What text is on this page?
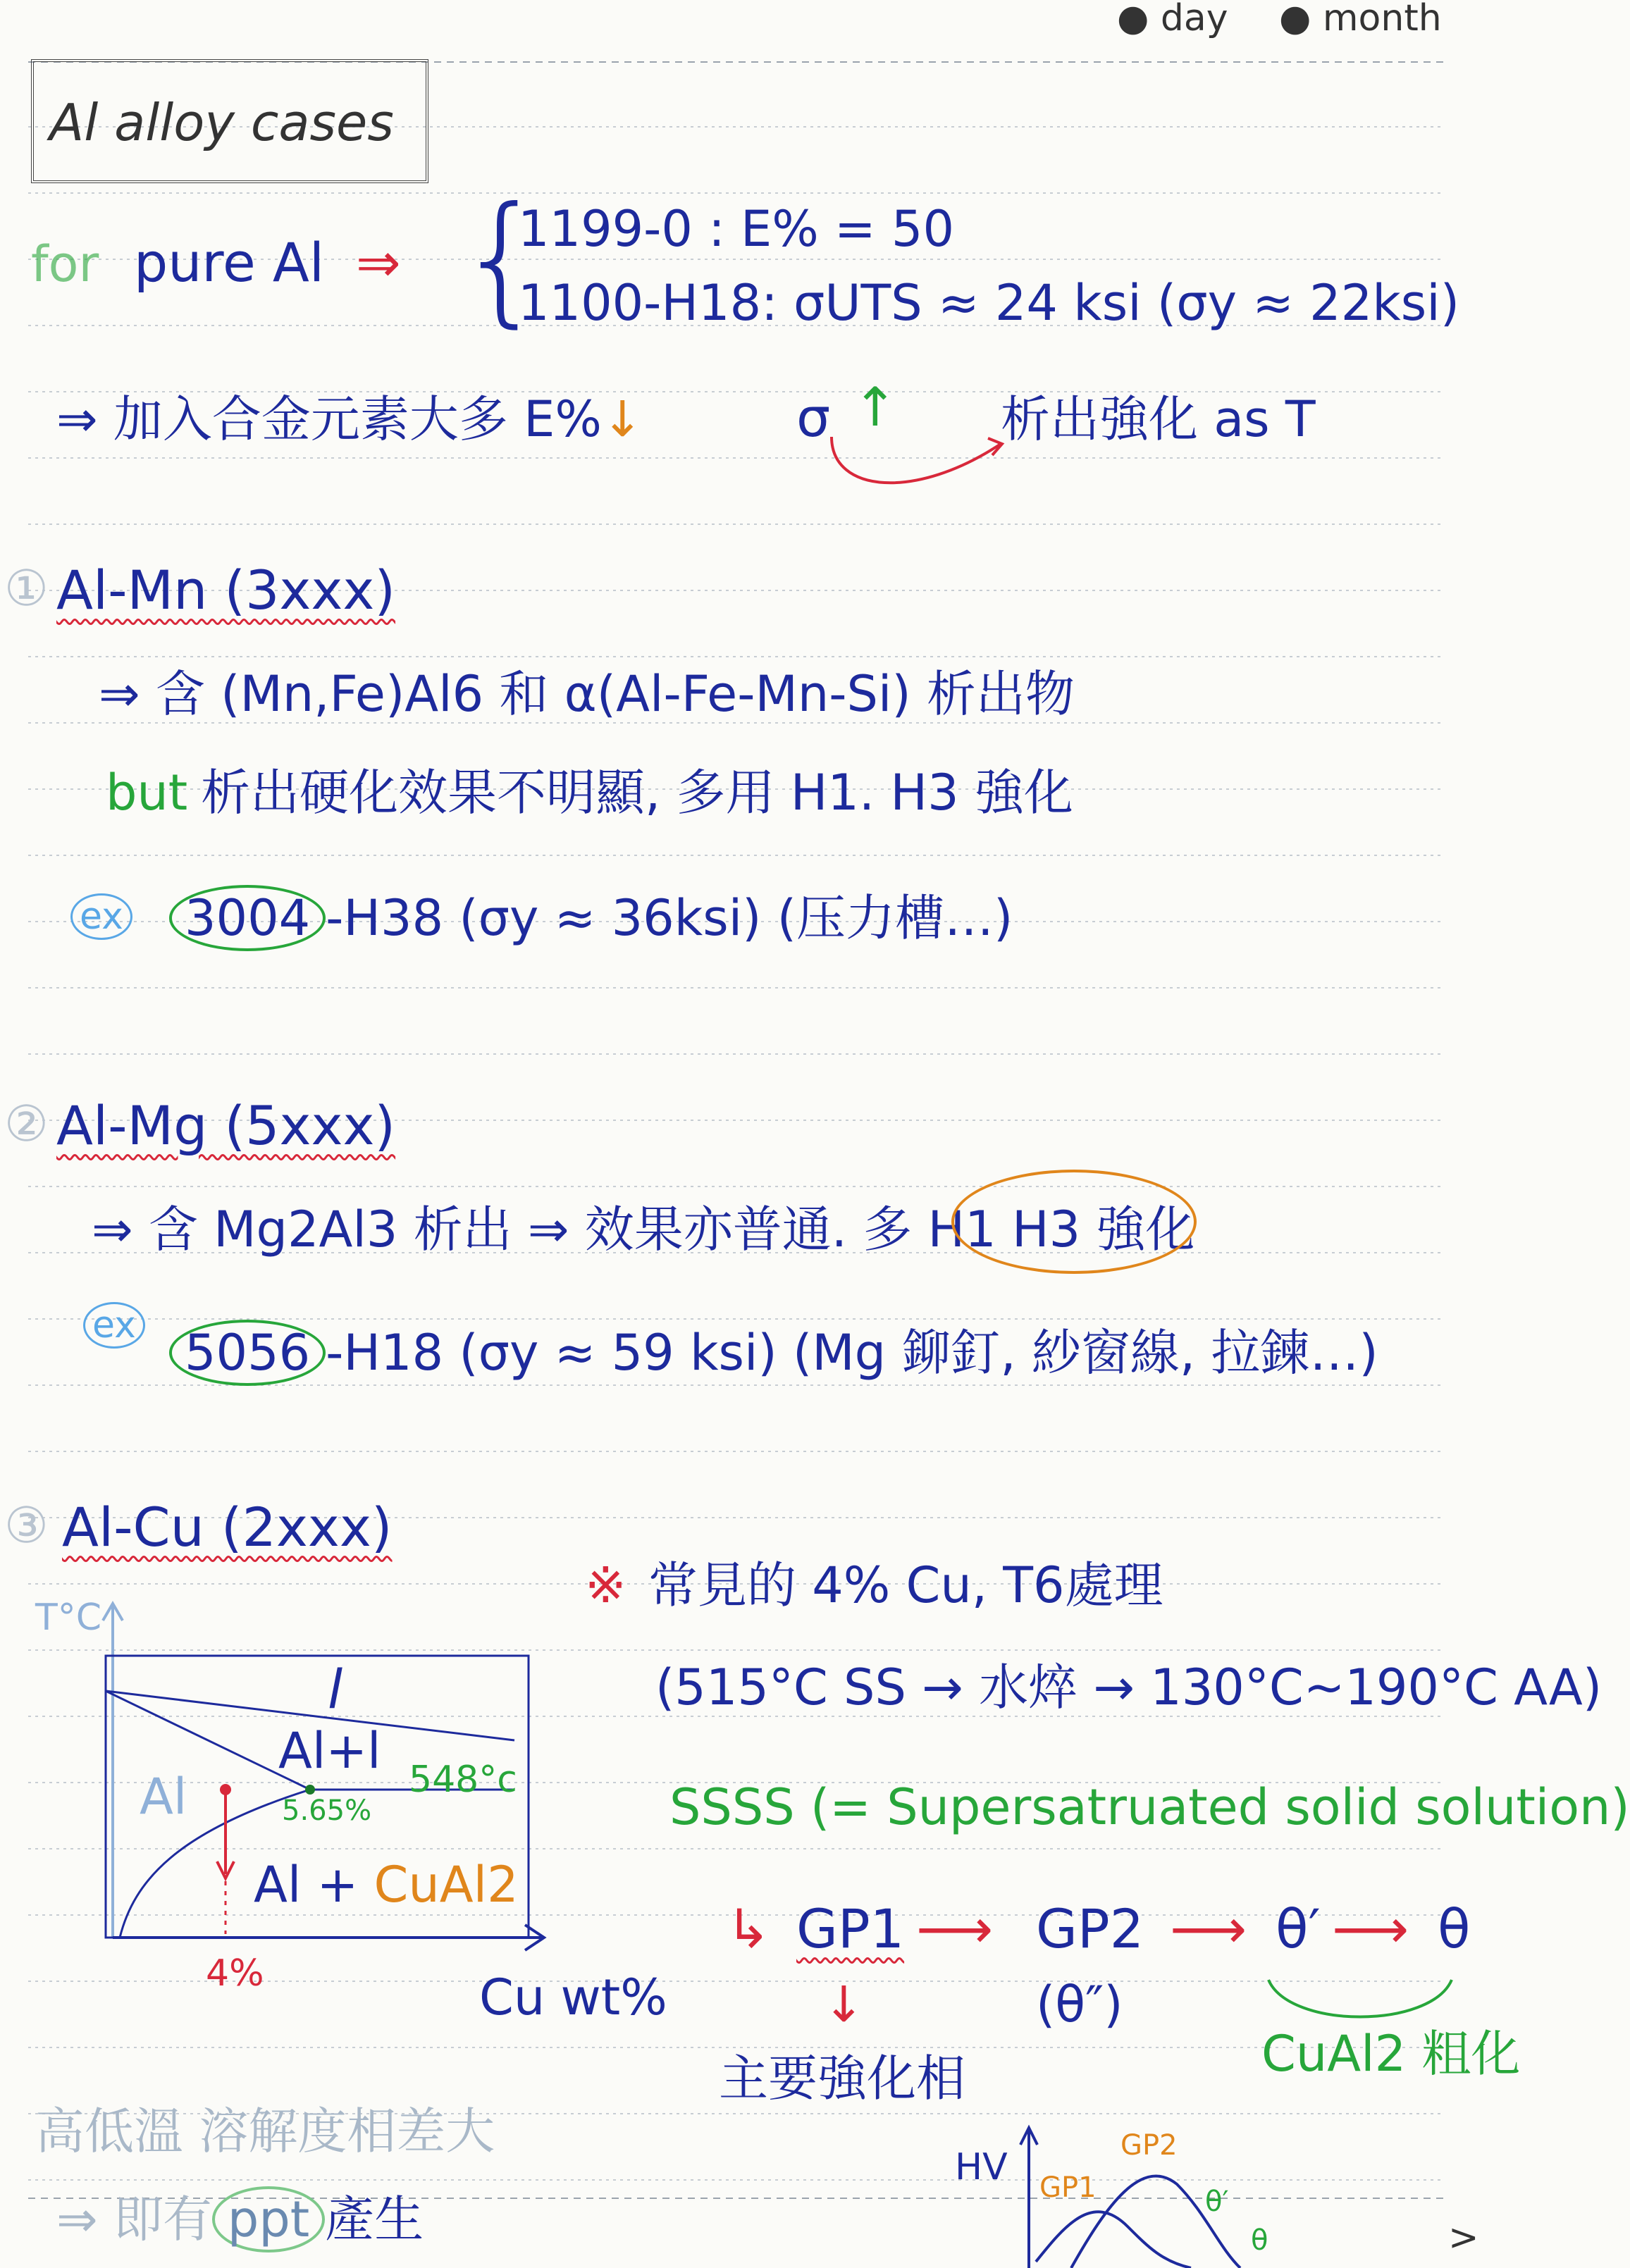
● day ● month
>
Al alloy cases
for pure Al ⇒ {
1199-0 : E% = 50
1100-H18: σUTS ≈ 24 ksi (σy ≈ 22ksi)
⇒ 加入合金元素大多 E%↓	σ ↑ 析出強化 as T
① Al-Mn (3xxx)
⇒ 含 (Mn,Fe)Al6 和 α(Al-Fe-Mn-Si) 析出物
but 析出硬化效果不明顯, 多用 H1. H3 強化
ex	3004 -H38 (σy ≈ 36ksi) (压力槽…)
② Al-Mg (5xxx)
⇒ 含 Mg2Al3 析出 ⇒ 效果亦普通. 多 H1 H3 強化
ex 5056 -H18 (σy ≈ 59 ksi) (Mg 鉚釘, 紗窗線, 拉鍊…)
③ Al-Cu (2xxx)
T°C
l
Al+l
Al	548°c
5.65%
Al + CuAl2
4%	Cu wt%
※ 常見的 4% Cu, T6處理
(515°C SS → 水焠 → 130°C~190°C AA)
SSSS (= Supersatruated solid solution)
↳ GP1 ⟶ GP2 ⟶ θ′ ⟶ θ
(θ″)
↓
主要強化相	CuAl2 粗化
高低溫 溶解度相差大
⇒ 即有 ppt 產生
HV GP1
GP2
θ′
θ
